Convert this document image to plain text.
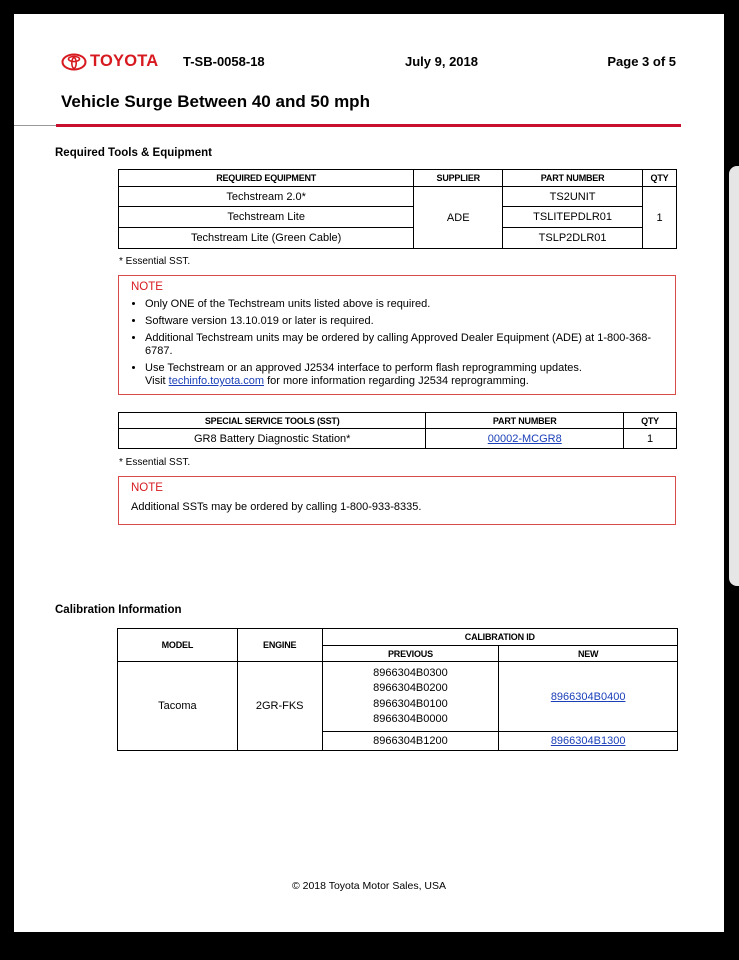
TOYOTA T-SB-0058-18	July 9, 2018	Page 3 of 5
Vehicle Surge Between 40 and 50 mph
Required Tools & Equipment
REQUIRED EQUIPMENT	SUPPLIER	PART NUMBER	QTY
Techstream 2.0*	ADE	TS2UNIT	1
Techstream Lite		TSLITEPDLR01	
Techstream Lite (Green Cable)		TSLP2DLR01	
* Essential SST.
NOTE
• Only ONE of the Techstream units listed above is required.
• Software version 13.10.019 or later is required.
• Additional Techstream units may be ordered by calling Approved Dealer Equipment (ADE) at 1-800-368-6787.
• Use Techstream or an approved J2534 interface to perform flash reprogramming updates.
Visit techinfo.toyota.com for more information regarding J2534 reprogramming.
SPECIAL SERVICE TOOLS (SST)	PART NUMBER	QTY
GR8 Battery Diagnostic Station*	00002-MCGR8	1
* Essential SST.
NOTE
Additional SSTs may be ordered by calling 1-800-933-8335.
Calibration Information
MODEL	ENGINE	CALIBRATION ID	
		PREVIOUS	NEW
Tacoma	2GR-FKS	8966304B0300
8966304B0200
8966304B0100
8966304B0000	8966304B0400
		8966304B1200	8966304B1300
© 2018 Toyota Motor Sales, USA
